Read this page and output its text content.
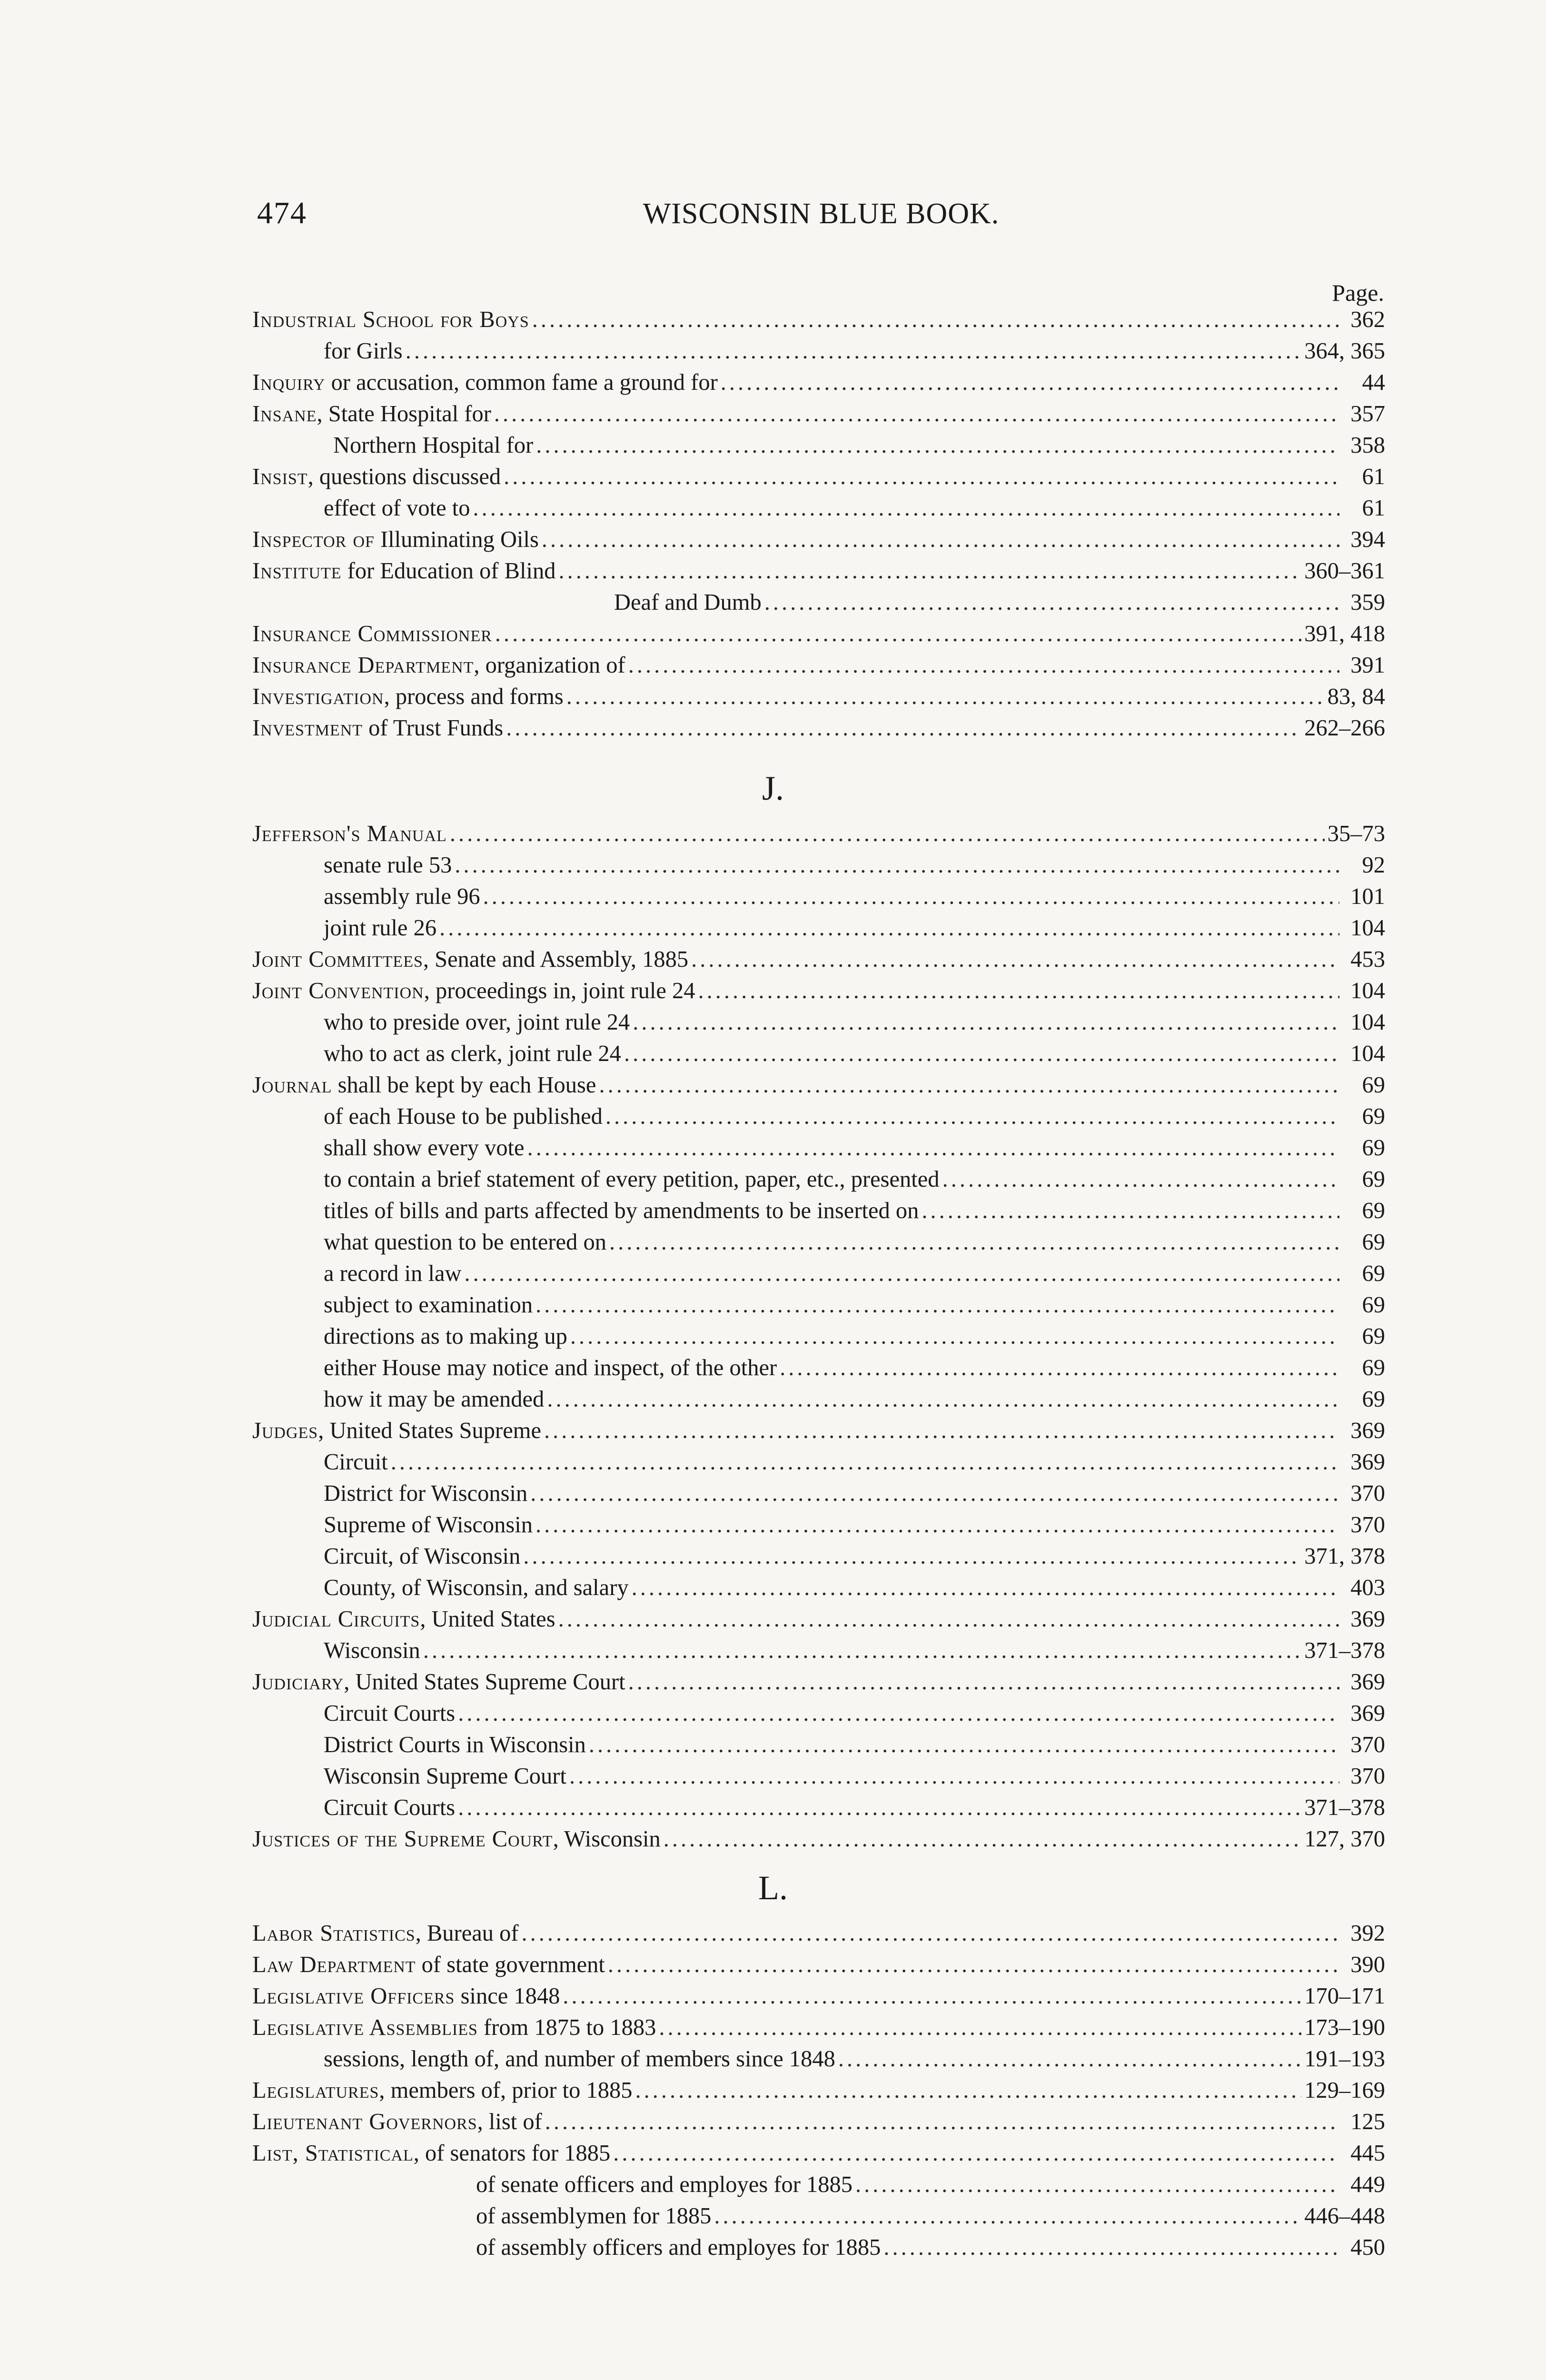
474	WISCONSIN BLUE BOOK.
Page.
Industrial School for Boys .....	362
for Girls .....	364, 365
Inquiry or accusation, common fame a ground for .....	44
Insane, State Hospital for .....	357
Northern Hospital for .....	358
Insist, questions discussed .....	61
effect of vote to .....	61
Inspector of Illuminating Oils .....	394
Institute for Education of Blind .....	360–361
Deaf and Dumb .....	359
Insurance Commissioner .....	391, 418
Insurance Department, organization of .....	391
Investigation, process and forms .....	83, 84
Investment of Trust Funds .....	262–266
J.
Jefferson's Manual .....	35–73
senate rule 53 .....	92
assembly rule 96 .....	101
joint rule 26 .....	104
Joint Committees, Senate and Assembly, 1885 .....	453
Joint Convention, proceedings in, joint rule 24 .....	104
who to preside over, joint rule 24 .....	104
who to act as clerk, joint rule 24 .....	104
Journal shall be kept by each House .....	69
of each House to be published .....	69
shall show every vote .....	69
to contain a brief statement of every petition, paper, etc., presented .....	69
titles of bills and parts affected by amendments to be inserted on .....	69
what question to be entered on .....	69
a record in law .....	69
subject to examination .....	69
directions as to making up .....	69
either House may notice and inspect, of the other .....	69
how it may be amended .....	69
Judges, United States Supreme .....	369
Circuit .....	369
District for Wisconsin .....	370
Supreme of Wisconsin .....	370
Circuit, of Wisconsin .....	371, 378
County, of Wisconsin, and salary .....	403
Judicial Circuits, United States .....	369
Wisconsin .....	371–378
Judiciary, United States Supreme Court .....	369
Circuit Courts .....	369
District Courts in Wisconsin .....	370
Wisconsin Supreme Court .....	370
Circuit Courts .....	371–378
Justices of the Supreme Court, Wisconsin .....	127, 370
L.
Labor Statistics, Bureau of .....	392
Law Department of state government .....	390
Legislative Officers since 1848 .....	170–171
Legislative Assemblies from 1875 to 1883 .....	173–190
sessions, length of, and number of members since 1848 .....	191–193
Legislatures, members of, prior to 1885 .....	129–169
Lieutenant Governors, list of .....	125
List, Statistical, of senators for 1885 .....	445
of senate officers and employes for 1885 .....	449
of assemblymen for 1885 .....	446–448
of assembly officers and employes for 1885 .....	450
